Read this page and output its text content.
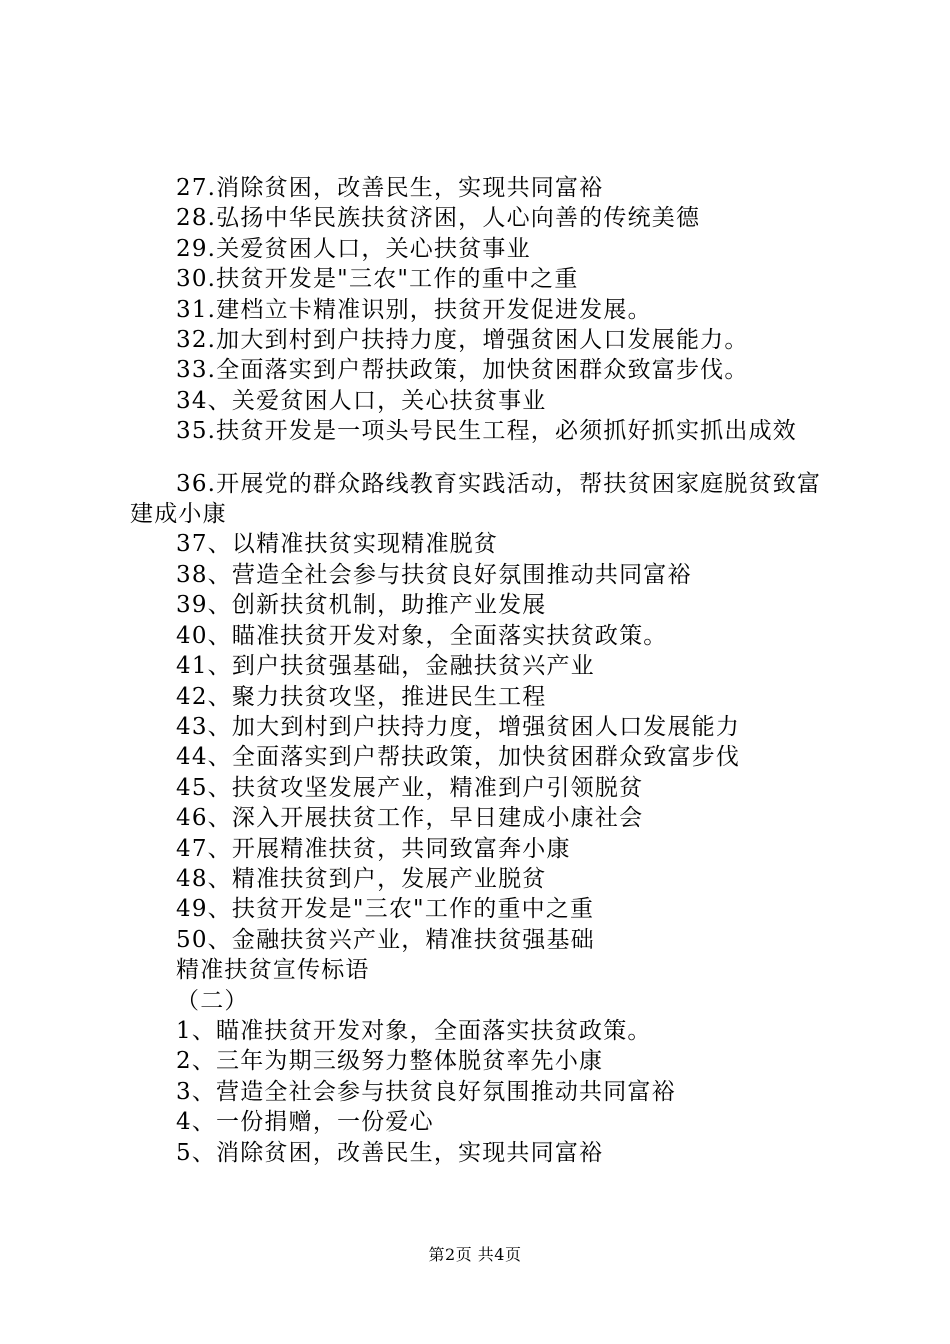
27.消除贫困，改善民生，实现共同富裕
28.弘扬中华民族扶贫济困，人心向善的传统美德
29.关爱贫困人口，关心扶贫事业
30.扶贫开发是"三农"工作的重中之重
31.建档立卡精准识别，扶贫开发促进发展。
32.加大到村到户扶持力度，增强贫困人口发展能力。
33.全面落实到户帮扶政策，加快贫困群众致富步伐。
34、关爱贫困人口，关心扶贫事业
35.扶贫开发是一项头号民生工程，必须抓好抓实抓出成效
36.开展党的群众路线教育实践活动，帮扶贫困家庭脱贫致富建成小康
37、以精准扶贫实现精准脱贫
38、营造全社会参与扶贫良好氛围推动共同富裕
39、创新扶贫机制，助推产业发展
40、瞄准扶贫开发对象，全面落实扶贫政策。
41、到户扶贫强基础，金融扶贫兴产业
42、聚力扶贫攻坚，推进民生工程
43、加大到村到户扶持力度，增强贫困人口发展能力
44、全面落实到户帮扶政策，加快贫困群众致富步伐
45、扶贫攻坚发展产业，精准到户引领脱贫
46、深入开展扶贫工作，早日建成小康社会
47、开展精准扶贫，共同致富奔小康
48、精准扶贫到户，发展产业脱贫
49、扶贫开发是"三农"工作的重中之重
50、金融扶贫兴产业，精准扶贫强基础
精准扶贫宣传标语
（二）
1、瞄准扶贫开发对象，全面落实扶贫政策。
2、三年为期三级努力整体脱贫率先小康
3、营造全社会参与扶贫良好氛围推动共同富裕
4、一份捐赠，一份爱心
5、消除贫困，改善民生，实现共同富裕
第2页 共4页
